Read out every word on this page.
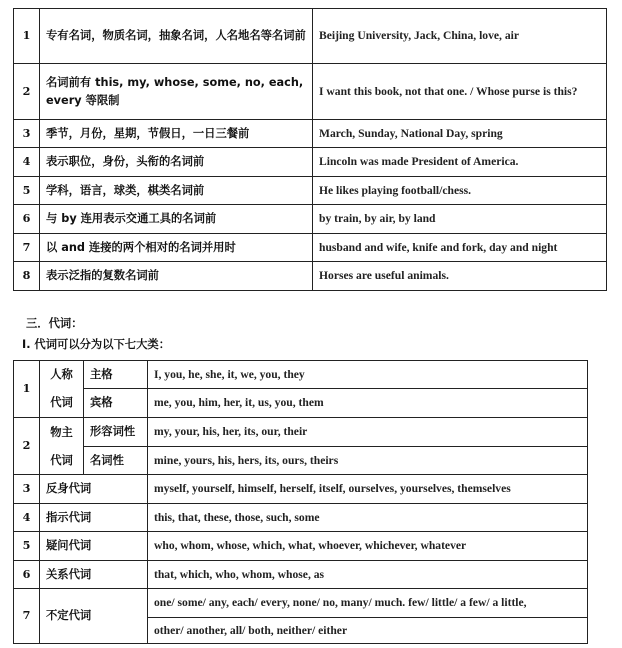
1	专有名词，物质名词，抽象名词，人名地名等名词前	Beijing University, Jack, China, love, air
2	名词前有 this, my, whose, some, no, each, every 等限制	I want this book, not that one. / Whose purse is this?
3	季节，月份，星期，节假日，一日三餐前	March, Sunday, National Day, spring
4	表示职位，身份，头衔的名词前	Lincoln was made President of America.
5	学科，语言，球类，棋类名词前	He likes playing football/chess.
6	与 by 连用表示交通工具的名词前	by train, by air, by land
7	以 and 连接的两个相对的名词并用时	husband and wife, knife and fork, day and night
8	表示泛指的复数名词前	Horses are useful animals.
三．代词：
I. 代词可以分为以下七大类：
1	人称	主格	I, you, he, she, it, we, you, they
	代词	宾格	me, you, him, her, it, us, you, them
2	物主	形容词性	my, your, his, her, its, our, their
	代词	名词性	mine, yours, his, hers, its, ours, theirs
3	反身代词		myself, yourself, himself, herself, itself, ourselves, yourselves, themselves
4	指示代词		this, that, these, those, such, some
5	疑问代词		who, whom, whose, which, what, whoever, whichever, whatever
6	关系代词		that, which, who, whom, whose, as
7	不定代词		one/ some/ any, each/ every, none/ no, many/ much. few/ little/ a few/ a little,
			other/ another, all/ both, neither/ either
